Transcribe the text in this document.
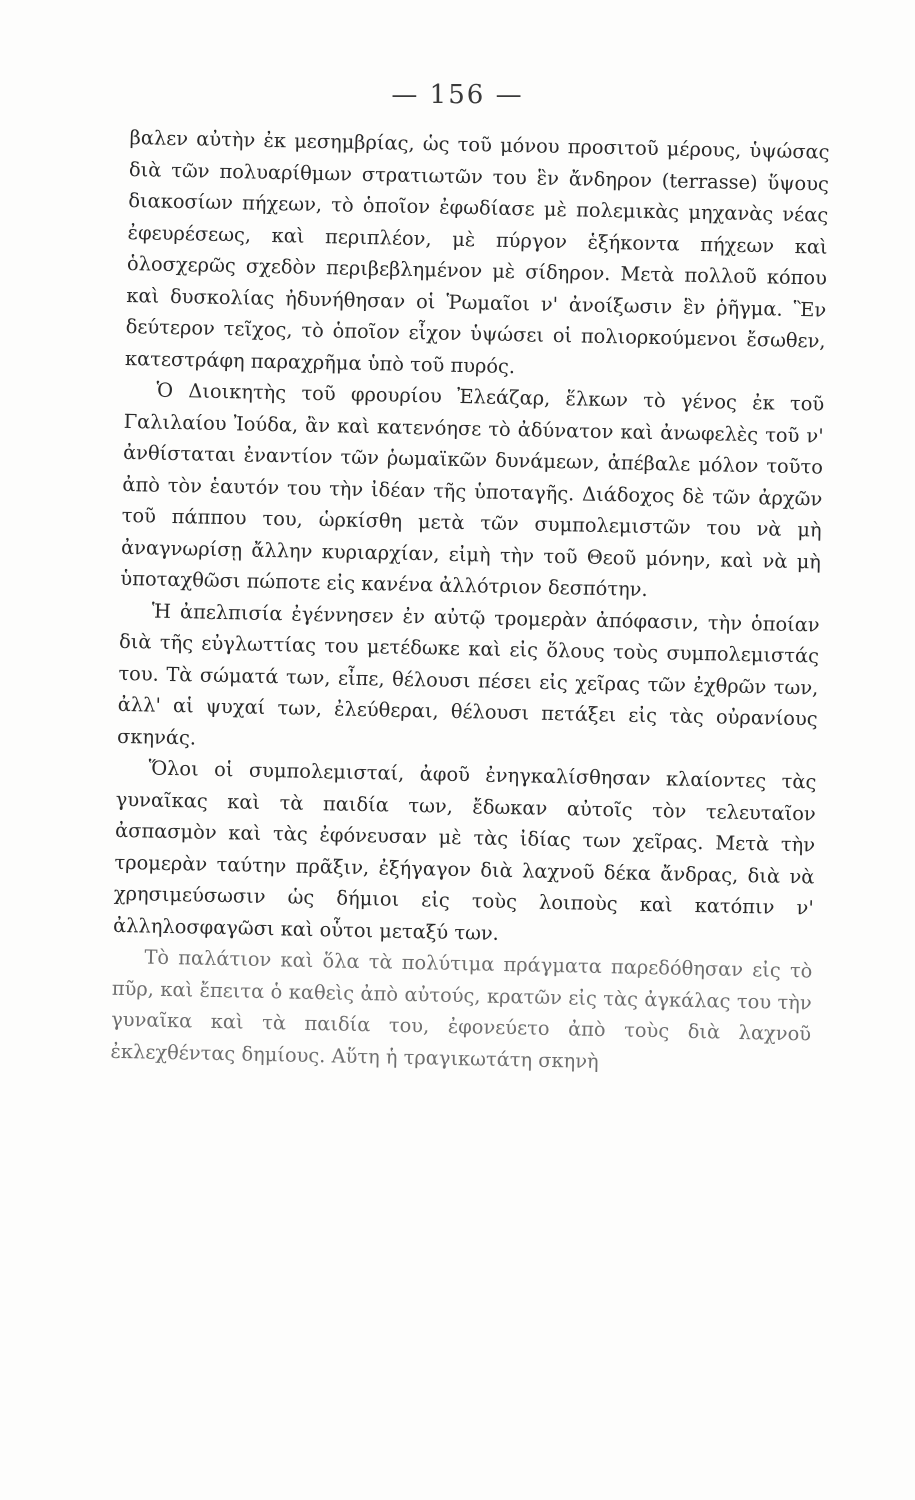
— 156 —

βαλεν αὐτὴν ἐκ μεσημβρίας, ὡς τοῦ μόνου προσιτοῦ μέρους, ὑψώσας διὰ τῶν πολυαρίθμων στρατιωτῶν του ἓν ἄνδηρον (terrasse) ὕψους διακοσίων πήχεων, τὸ ὁποῖον ἐφωδίασε μὲ πολεμικὰς μηχανὰς νέας ἐφευρέσεως, καὶ περιπλέον, μὲ πύργον ἑξήκοντα πήχεων καὶ ὁλοσχερῶς σχεδὸν περιβεβλημένον μὲ σίδηρον. Μετὰ πολλοῦ κόπου καὶ δυσκολίας ἠδυνήθησαν οἱ Ῥωμαῖοι ν' ἀνοίξωσιν ἓν ῥῆγμα. Ἓν δεύτερον τεῖχος, τὸ ὁποῖον εἶχον ὑψώσει οἱ πολιορκούμενοι ἔσωθεν, κατεστράφη παραχρῆμα ὑπὸ τοῦ πυρός.

Ὁ Διοικητὴς τοῦ φρουρίου Ἐλεάζαρ, ἕλκων τὸ γένος ἐκ τοῦ Γαλιλαίου Ἰούδα, ἂν καὶ κατενόησε τὸ ἀδύνατον καὶ ἀνωφελὲς τοῦ ν' ἀνθίσταται ἐναντίον τῶν ῥωμαϊκῶν δυνάμεων, ἀπέβαλε μόλον τοῦτο ἀπὸ τὸν ἑαυτόν του τὴν ἰδέαν τῆς ὑποταγῆς. Διάδοχος δὲ τῶν ἀρχῶν τοῦ πάππου του, ὡρκίσθη μετὰ τῶν συμπολεμιστῶν του νὰ μὴ ἀναγνωρίσῃ ἄλλην κυριαρχίαν, εἰμὴ τὴν τοῦ Θεοῦ μόνην, καὶ νὰ μὴ ὑποταχθῶσι πώποτε εἰς κανένα ἀλλότριον δεσπότην.

Ἡ ἀπελπισία ἐγέννησεν ἐν αὐτῷ τρομερὰν ἀπόφασιν, τὴν ὁποίαν διὰ τῆς εὐγλωττίας του μετέδωκε καὶ εἰς ὅλους τοὺς συμπολεμιστάς του. Τὰ σώματά των, εἶπε, θέλουσι πέσει εἰς χεῖρας τῶν ἐχθρῶν των, ἀλλ' αἱ ψυχαί των, ἐλεύθεραι, θέλουσι πετάξει εἰς τὰς οὐρανίους σκηνάς.

Ὅλοι οἱ συμπολεμισταί, ἀφοῦ ἐνηγκαλίσθησαν κλαίοντες τὰς γυναῖκας καὶ τὰ παιδία των, ἔδωκαν αὐτοῖς τὸν τελευταῖον ἀσπασμὸν καὶ τὰς ἐφόνευσαν μὲ τὰς ἰδίας των χεῖρας. Μετὰ τὴν τρομερὰν ταύτην πρᾶξιν, ἐξήγαγον διὰ λαχνοῦ δέκα ἄνδρας, διὰ νὰ χρησιμεύσωσιν ὡς δήμιοι εἰς τοὺς λοιποὺς καὶ κατόπιν ν' ἀλληλοσφαγῶσι καὶ οὗτοι μεταξύ των.

Τὸ παλάτιον καὶ ὅλα τὰ πολύτιμα πράγματα παρεδόθησαν εἰς τὸ πῦρ, καὶ ἔπειτα ὁ καθεὶς ἀπὸ αὐτούς, κρατῶν εἰς τὰς ἀγκάλας του τὴν γυναῖκα καὶ τὰ παιδία του, ἐφονεύετο ἀπὸ τοὺς διὰ λαχνοῦ ἐκλεχθέντας δημίους. Αὕτη ἡ τραγικωτάτη σκηνὴ
